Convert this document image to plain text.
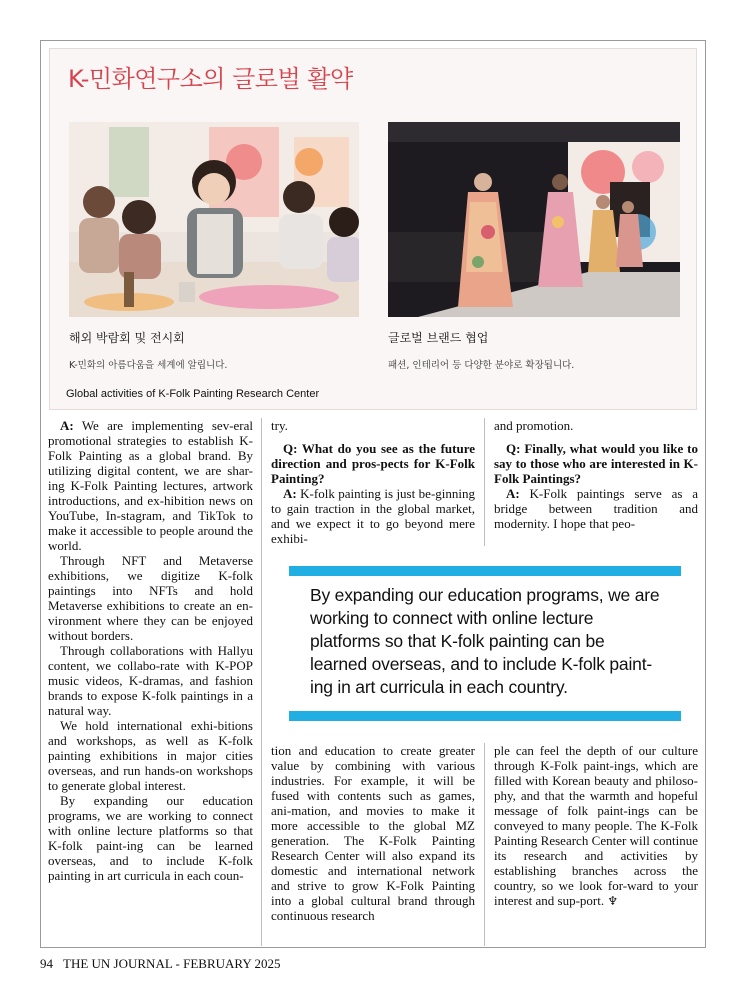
K-민화연구소의 글로벌 활약

해외 박람회 및 전시회

K-민화의 아름다움을 세계에 알립니다.

글로벌 브랜드 협업

패션, 인테리어 등 다양한 분야로 확장됩니다.

Global activities of K-Folk Painting Research Center

A: We are implementing sev-eral promotional strategies to establish K-Folk Painting as a global brand. By utilizing digital content, we are shar-ing K-Folk Painting lectures, artwork introductions, and ex-hibition news on YouTube, In-stagram, and TikTok to make it accessible to people around the world.

Through NFT and Metaverse exhibitions, we digitize K-folk paintings into NFTs and hold Metaverse exhibitions to create an en-vironment where they can be enjoyed without borders.

Through collaborations with Hallyu content, we collabo-rate with K-POP music videos, K-dramas, and fashion brands to expose K-folk paintings in a natural way.

We hold international exhi-bitions and workshops, as well as K-folk painting exhibitions in major cities overseas, and run hands-on workshops to generate global interest.

By expanding our education programs, we are working to connect with online lecture platforms so that K-folk paint-ing can be learned overseas, and to include K-folk painting in art curricula in each coun-

try.

Q: What do you see as the future direction and pros-pects for K-Folk Painting?

A: K-folk painting is just be-ginning to gain traction in the global market, and we expect it to go beyond mere exhibi-

and promotion.

Q: Finally, what would you like to say to those who are interested in K-Folk Paintings?

A: K-Folk paintings serve as a bridge between tradition and modernity. I hope that peo-

By expanding our education programs, we are working to connect with online lecture platforms so that K-folk painting can be learned overseas, and to include K-folk paint-ing in art curricula in each country.

tion and education to create greater value by combining with various industries. For example, it will be fused with contents such as games, ani-mation, and movies to make it more accessible to the global MZ generation. The K-Folk Painting Research Center will also expand its domestic and international network and strive to grow K-Folk Painting into a global cultural brand through continuous research

ple can feel the depth of our culture through K-Folk paint-ings, which are filled with Korean beauty and philoso-phy, and that the warmth and hopeful message of folk paint-ings can be conveyed to many people. The K-Folk Painting Research Center will continue its research and activities by establishing branches across the country, so we look for-ward to your interest and sup-port. ♆

94 THE UN JOURNAL - FEBRUARY 2025
